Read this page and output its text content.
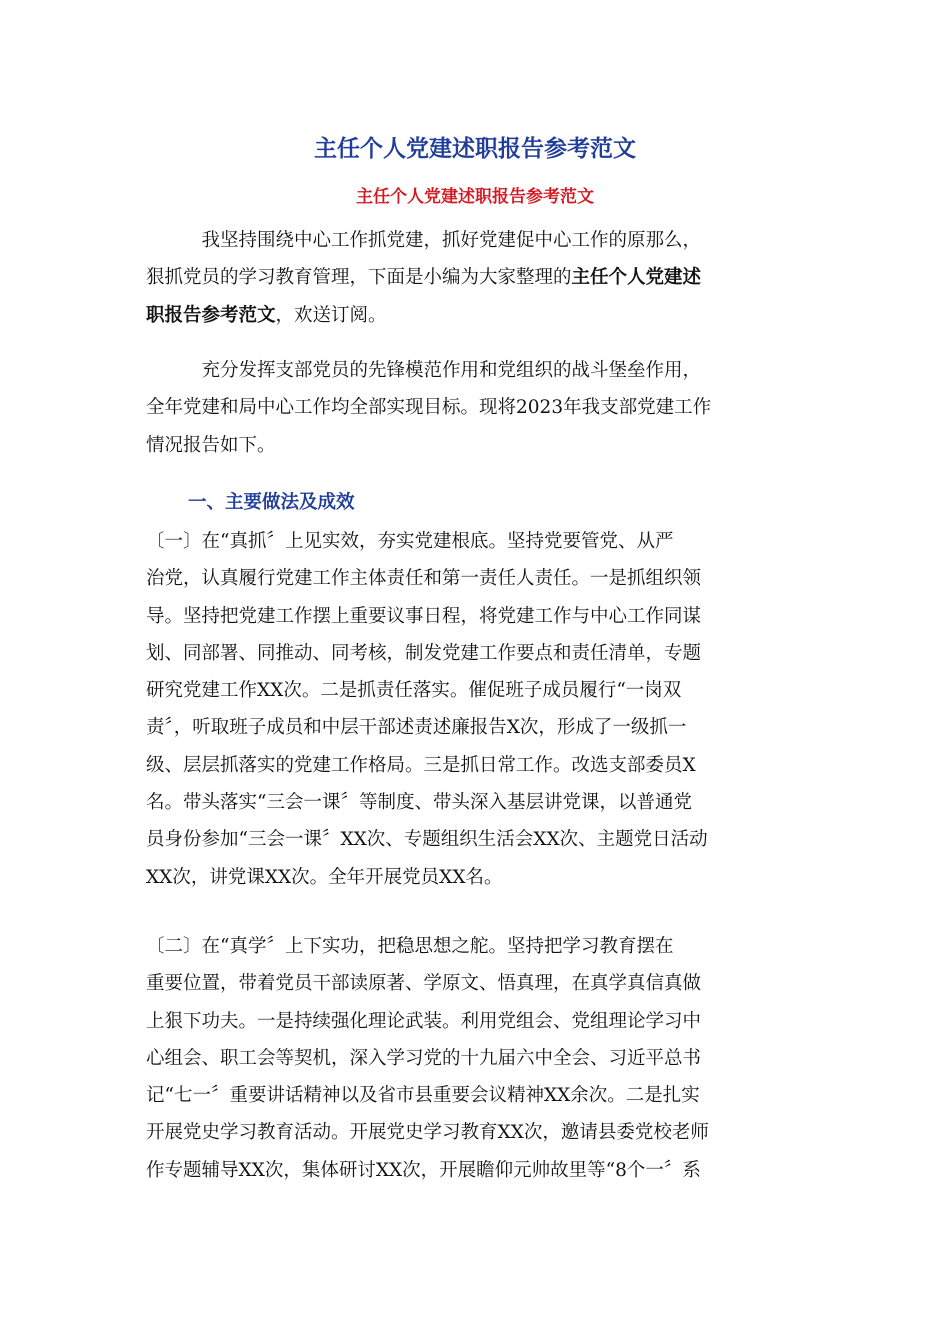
主任个人党建述职报告参考范文
主任个人党建述职报告参考范文

　　　我坚持围绕中心工作抓党建，抓好党建促中心工作的原那么，
狠抓党员的学习教育管理，下面是小编为大家整理的主任个人党建述
职报告参考范文，欢送订阅。

　　　充分发挥支部党员的先锋模范作用和党组织的战斗堡垒作用，
全年党建和局中心工作均全部实现目标。现将2023年我支部党建工作
情况报告如下。

一、主要做法及成效

〔一〕在“真抓〞上见实效，夯实党建根底。坚持党要管党、从严
治党，认真履行党建工作主体责任和第一责任人责任。一是抓组织领
导。坚持把党建工作摆上重要议事日程，将党建工作与中心工作同谋
划、同部署、同推动、同考核，制发党建工作要点和责任清单，专题
研究党建工作XX次。二是抓责任落实。催促班子成员履行“一岗双
责〞，听取班子成员和中层干部述责述廉报告X次，形成了一级抓一
级、层层抓落实的党建工作格局。三是抓日常工作。改选支部委员X
名。带头落实“三会一课〞等制度、带头深入基层讲党课，以普通党
员身份参加“三会一课〞XX次、专题组织生活会XX次、主题党日活动
XX次，讲党课XX次。全年开展党员XX名。

〔二〕在“真学〞上下实功，把稳思想之舵。坚持把学习教育摆在
重要位置，带着党员干部读原著、学原文、悟真理，在真学真信真做
上狠下功夫。一是持续强化理论武装。利用党组会、党组理论学习中
心组会、职工会等契机，深入学习党的十九届六中全会、习近平总书
记“七一〞重要讲话精神以及省市县重要会议精神XX余次。二是扎实
开展党史学习教育活动。开展党史学习教育XX次，邀请县委党校老师
作专题辅导XX次，集体研讨XX次，开展瞻仰元帅故里等“8个一〞系
